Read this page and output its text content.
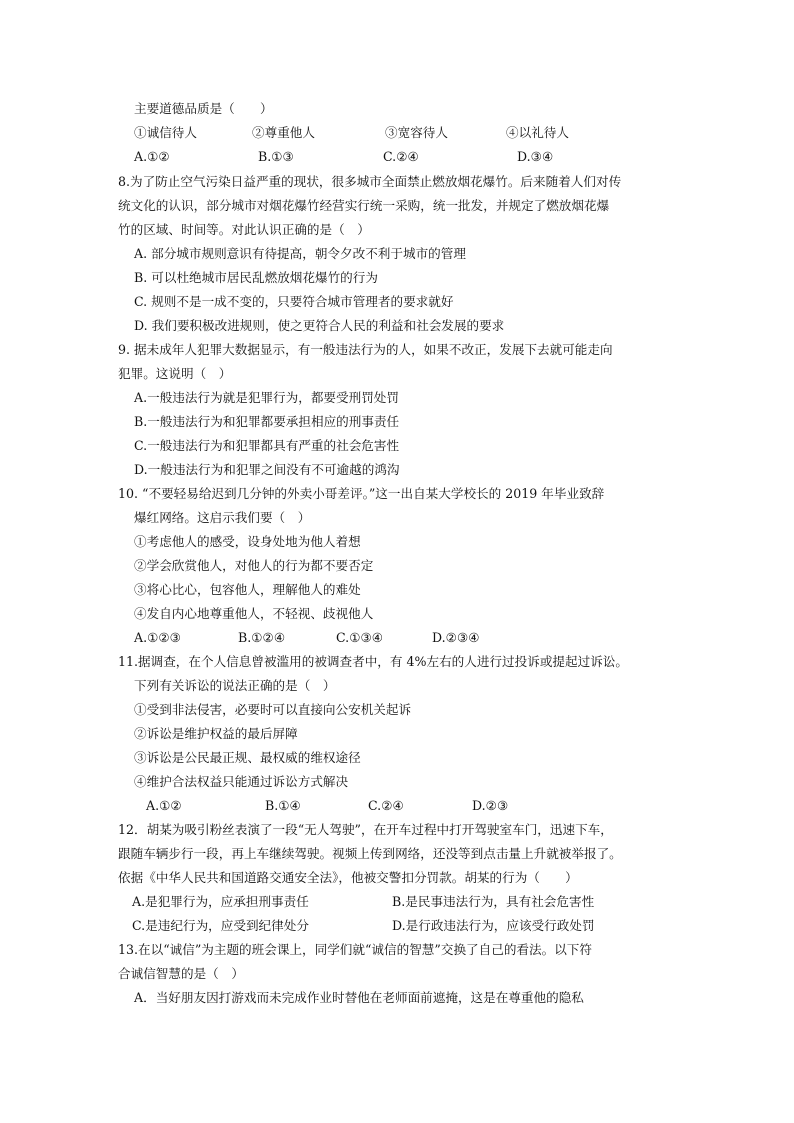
主要道德品质是（　　）
①诚信待人	②尊重他人	③宽容待人	④以礼待人
A.①②	B.①③	C.②④	D.③④
8.为了防止空气污染日益严重的现状，很多城市全面禁止燃放烟花爆竹。后来随着人们对传
统文化的认识，部分城市对烟花爆竹经营实行统一采购，统一批发，并规定了燃放烟花爆
竹的区域、时间等。对此认识正确的是（　）
A. 部分城市规则意识有待提高，朝令夕改不利于城市的管理
B. 可以杜绝城市居民乱燃放烟花爆竹的行为
C. 规则不是一成不变的，只要符合城市管理者的要求就好
D. 我们要积极改进规则，使之更符合人民的利益和社会发展的要求
9. 据未成年人犯罪大数据显示，有一般违法行为的人，如果不改正，发展下去就可能走向
犯罪。这说明（　）
A.一般违法行为就是犯罪行为，都要受刑罚处罚
B.一般违法行为和犯罪都要承担相应的刑事责任
C.一般违法行为和犯罪都具有严重的社会危害性
D.一般违法行为和犯罪之间没有不可逾越的鸿沟
10. “不要轻易给迟到几分钟的外卖小哥差评。”这一出自某大学校长的 2019 年毕业致辞
爆红网络。这启示我们要（　）
①考虑他人的感受，设身处地为他人着想
②学会欣赏他人，对他人的行为都不要否定
③将心比心，包容他人，理解他人的难处
④发自内心地尊重他人，不轻视、歧视他人
A.①②③	B.①②④	C.①③④	D.②③④
11.据调查，在个人信息曾被滥用的被调查者中，有 4%左右的人进行过投诉或提起过诉讼。
下列有关诉讼的说法正确的是（　）
①受到非法侵害，必要时可以直接向公安机关起诉
②诉讼是维护权益的最后屏障
③诉讼是公民最正规、最权威的维权途径
④维护合法权益只能通过诉讼方式解决
A.①②	B.①④	C.②④	D.②③
12．胡某为吸引粉丝表演了一段“无人驾驶”，在开车过程中打开驾驶室车门，迅速下车，
跟随车辆步行一段，再上车继续驾驶。视频上传到网络，还没等到点击量上升就被举报了。
依据《中华人民共和国道路交通安全法》，他被交警扣分罚款。胡某的行为（　　）
A.是犯罪行为，应承担刑事责任	B.是民事违法行为，具有社会危害性
C.是违纪行为，应受到纪律处分	D.是行政违法行为，应该受行政处罚
13.在以“诚信”为主题的班会课上，同学们就“诚信的智慧”交换了自己的看法。以下符
合诚信智慧的是（　）
A．当好朋友因打游戏而未完成作业时替他在老师面前遮掩，这是在尊重他的隐私
